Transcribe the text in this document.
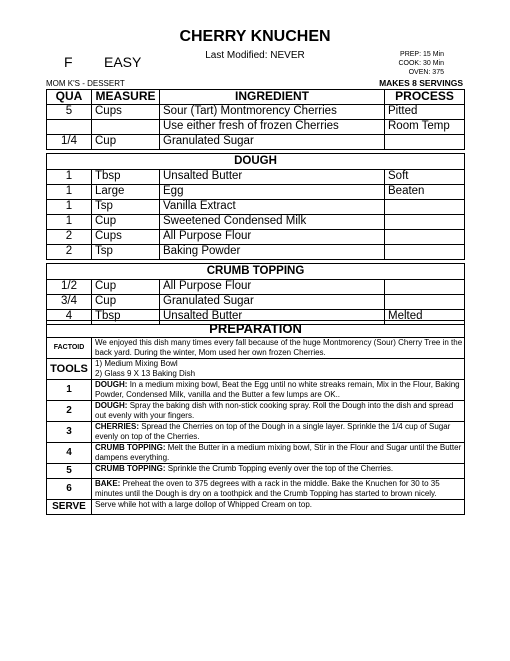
CHERRY KNUCHEN
Last Modified: NEVER
F EASY	PREP: 15 Min
COOK: 30 Min
OVEN: 375
MOM K'S - DESSERT	MAKES 8 SERVINGS
QUA	MEASURE	INGREDIENT	PROCESS
5	Cups	Sour (Tart) Montmorency Cherries	Pitted
		Use either fresh of frozen Cherries	Room Temp
1/4	Cup	Granulated Sugar	

DOUGH			
1	Tbsp	Unsalted Butter	Soft
1	Large	Egg	Beaten
1	Tsp	Vanilla Extract	
1	Cup	Sweetened Condensed Milk	
2	Cups	All Purpose Flour	
2	Tsp	Baking Powder	

CRUMB TOPPING			
1/2	Cup	All Purpose Flour	
3/4	Cup	Granulated Sugar	
4	Tbsp	Unsalted Butter	Melted
PREPARATION	
FACTOID	We enjoyed this dish many times every fall because of the huge Montmorency (Sour) Cherry Tree in the back yard. During the winter, Mom used her own frozen Cherries.
TOOLS	1) Medium Mixing Bowl
2) Glass 9 X 13 Baking Dish

1	DOUGH: In a medium mixing bowl, Beat the Egg until no white streaks remain, Mix in the Flour, Baking Powder, Condensed Milk, vanilla and the Butter a few lumps are OK..
2	DOUGH: Spray the baking dish with non-stick cooking spray. Roll the Dough into the dish and spread out evenly with your fingers.
3	CHERRIES: Spread the Cherries on top of the Dough in a single layer. Sprinkle the 1/4 cup of Sugar evenly on top of the Cherries.
4	CRUMB TOPPING: Melt the Butter in a medium mixing bowl, Stir in the Flour and Sugar until the Butter dampens everything.
5	CRUMB TOPPING: Sprinkle the Crumb Topping evenly over the top of the Cherries.
6	BAKE: Preheat the oven to 375 degrees with a rack in the middle. Bake the Knuchen for 30 to 35 minutes until the Dough is dry on a toothpick and the Crumb Topping has started to brown nicely.
SERVE	Serve while hot with a large dollop of Whipped Cream on top.
